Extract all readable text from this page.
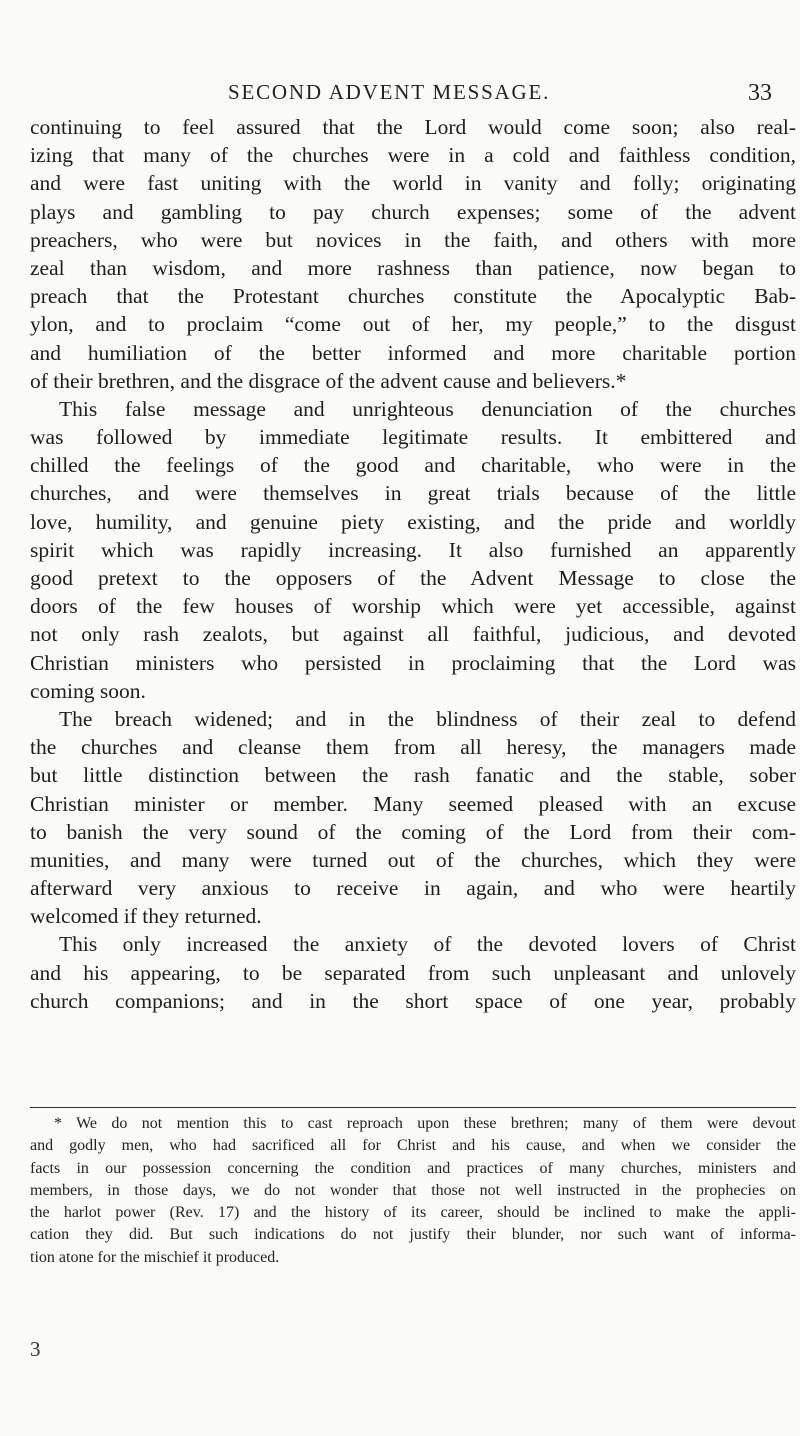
SECOND ADVENT MESSAGE.	33
continuing to feel assured that the Lord would come soon; also real-
izing that many of the churches were in a cold and faithless condition,
and were fast uniting with the world in vanity and folly; originating
plays and gambling to pay church expenses; some of the advent
preachers, who were but novices in the faith, and others with more
zeal than wisdom, and more rashness than patience, now began to
preach that the Protestant churches constitute the Apocalyptic Bab-
ylon, and to proclaim “come out of her, my people,” to the disgust
and humiliation of the better informed and more charitable portion
of their brethren, and the disgrace of the advent cause and believers.*
This false message and unrighteous denunciation of the churches
was followed by immediate legitimate results. It embittered and
chilled the feelings of the good and charitable, who were in the
churches, and were themselves in great trials because of the little
love, humility, and genuine piety existing, and the pride and worldly
spirit which was rapidly increasing. It also furnished an apparently
good pretext to the opposers of the Advent Message to close the
doors of the few houses of worship which were yet accessible, against
not only rash zealots, but against all faithful, judicious, and devoted
Christian ministers who persisted in proclaiming that the Lord was
coming soon.
The breach widened; and in the blindness of their zeal to defend
the churches and cleanse them from all heresy, the managers made
but little distinction between the rash fanatic and the stable, sober
Christian minister or member. Many seemed pleased with an excuse
to banish the very sound of the coming of the Lord from their com-
munities, and many were turned out of the churches, which they were
afterward very anxious to receive in again, and who were heartily
welcomed if they returned.
This only increased the anxiety of the devoted lovers of Christ
and his appearing, to be separated from such unpleasant and unlovely
church companions; and in the short space of one year, probably
* We do not mention this to cast reproach upon these brethren; many of them were devout
and godly men, who had sacrificed all for Christ and his cause, and when we consider the
facts in our possession concerning the condition and practices of many churches, ministers and
members, in those days, we do not wonder that those not well instructed in the prophecies on
the harlot power (Rev. 17) and the history of its career, should be inclined to make the appli-
cation they did. But such indications do not justify their blunder, nor such want of informa-
tion atone for the mischief it produced.
3
